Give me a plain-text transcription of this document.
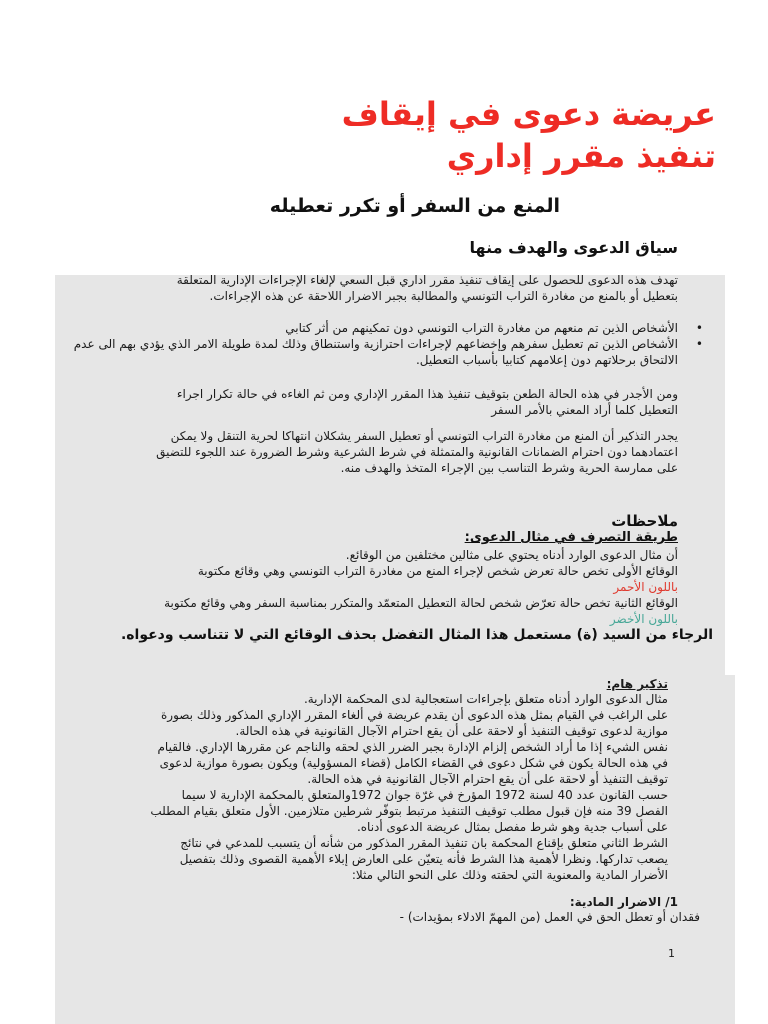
عريضة دعوى في إيقاف
تنفيذ مقرر إداري
المنع من السفر أو تكرر تعطيله
سياق الدعوى والهدف منها
تهدف هذه الدعوى للحصول على إيقاف تنفيذ مقرر اداري قبل السعي لإلغاء الإجراءات الإدارية المتعلقة
بتعطيل أو بالمنع من مغادرة التراب التونسي والمطالبة بجبر الاضرار اللاحقة عن هذه الإجراءات.
•
الأشخاص الذين تم منعهم من مغادرة التراب التونسي دون تمكينهم من أثر كتابي
•
الأشخاص الذين تم تعطيل سفرهم وإخضاعهم لإجراءات احترازية واستنطاق وذلك لمدة طويلة الامر الذي يؤدي بهم الى عدم الالتحاق برحلاتهم دون إعلامهم كتابيا بأسباب التعطيل.
ومن الأجدر في هذه الحالة الطعن بتوقيف تنفيذ هذا المقرر الإداري ومن ثم الغاءه في حالة تكرار اجراء
التعطيل كلما أراد المعني بالأمر السفر
يجدر التذكير أن المنع من مغادرة التراب التونسي أو تعطيل السفر يشكلان انتهاكا لحرية التنقل ولا يمكن
اعتمادهما دون احترام الضمانات القانونية والمتمثلة في شرط الشرعية وشرط الضرورة عند اللجوء للتضيق
على ممارسة الحرية وشرط التناسب بين الإجراء المتخذ والهدف منه.
ملاحظات
طريقة التصرف في مثال الدعوى:
أن مثال الدعوى الوارد أدناه يحتوي على مثالين مختلفين من الوقائع.
الوقائع الأولى تخص حالة تعرض شخص لإجراء المنع من مغادرة التراب التونسي وهي وقائع مكتوبة
باللون الأحمر
الوقائع الثانية تخص حالة تعرّض شخص لحالة التعطيل المتعمّد والمتكرر بمناسبة السفر وهي وقائع مكتوبة
باللون الأخضر
الرجاء من السيد (ة) مستعمل هذا المثال التفضل بحذف الوقائع التي لا تتناسب ودعواه.
تذكير هام:
مثال الدعوى الوارد أدناه متعلق بإجراءات استعجالية لدى المحكمة الإدارية.
على الراغب في القيام بمثل هذه الدعوى أن يقدم عريضة في ألغاء المقرر الإداري المذكور وذلك بصورة
موازية لدعوى توقيف التنفيذ أو لاحقة على أن يقع احترام الآجال القانونية في هذه الحالة.
نفس الشيء إذا ما أراد الشخص إلزام الإدارة بجبر الضرر الذي لحقه والناجم عن مقررها الإداري. فالقيام
في هذه الحالة يكون في شكل دعوى في القضاء الكامل (قضاء المسؤولية) ويكون بصورة موازية لدعوى
توقيف التنفيذ أو لاحقة على أن يقع احترام الآجال القانونية في هذه الحالة.
حسب القانون عدد 40 لسنة 1972 المؤرخ في غرّة جوان 1972والمتعلق بالمحكمة الإدارية لا سيما
الفصل 39 منه فإن قبول مطلب توقيف التنفيذ مرتبط بتوفّر شرطين متلازمين. الأول متعلق بقيام المطلب
على أسباب جدية وهو شرط مفصل بمثال عريضة الدعوى أدناه.
الشرط الثاني متعلق بإقناع المحكمة بان تنفيذ المقرر المذكور من شأنه أن يتسبب للمدعي في نتائج
يصعب تداركها. ونظرا لأهمية هذا الشرط فأنه يتعيّن على العارض إبلاء الأهمية القصوى وذلك بتفصيل
الأضرار المادية والمعنوية التي لحقته وذلك على النحو التالي مثلا:
1/ الاضرار المادية:
فقدان أو تعطل الحق في العمل (من المهمّ الادلاء بمؤيدات) -
1
